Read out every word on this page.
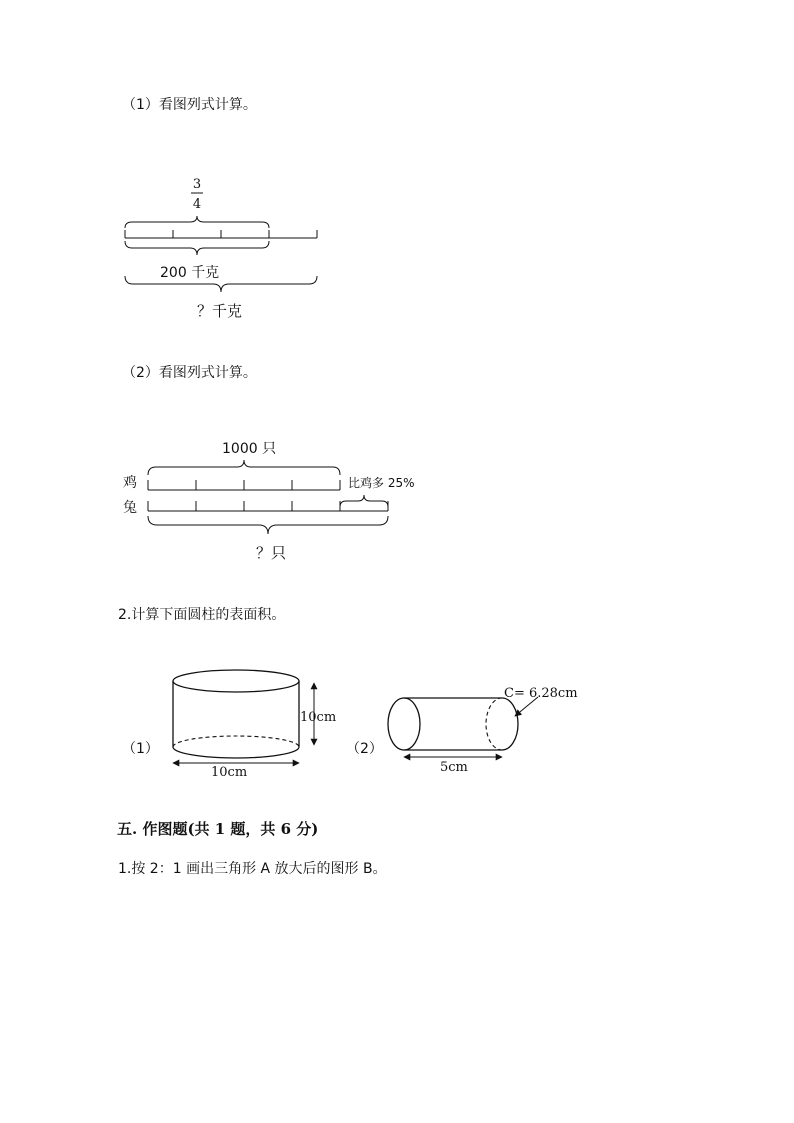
（1）看图列式计算。
3
4
200 千克
？千克
（2）看图列式计算。
1000 只
鸡
兔
比鸡多 25%
？只
2.计算下面圆柱的表面积。
（1）	（2）
10cm
10cm
C= 6.28cm
5cm
五. 作图题(共 1 题，共 6 分)
1.按 2：1 画出三角形 A 放大后的图形 B。
